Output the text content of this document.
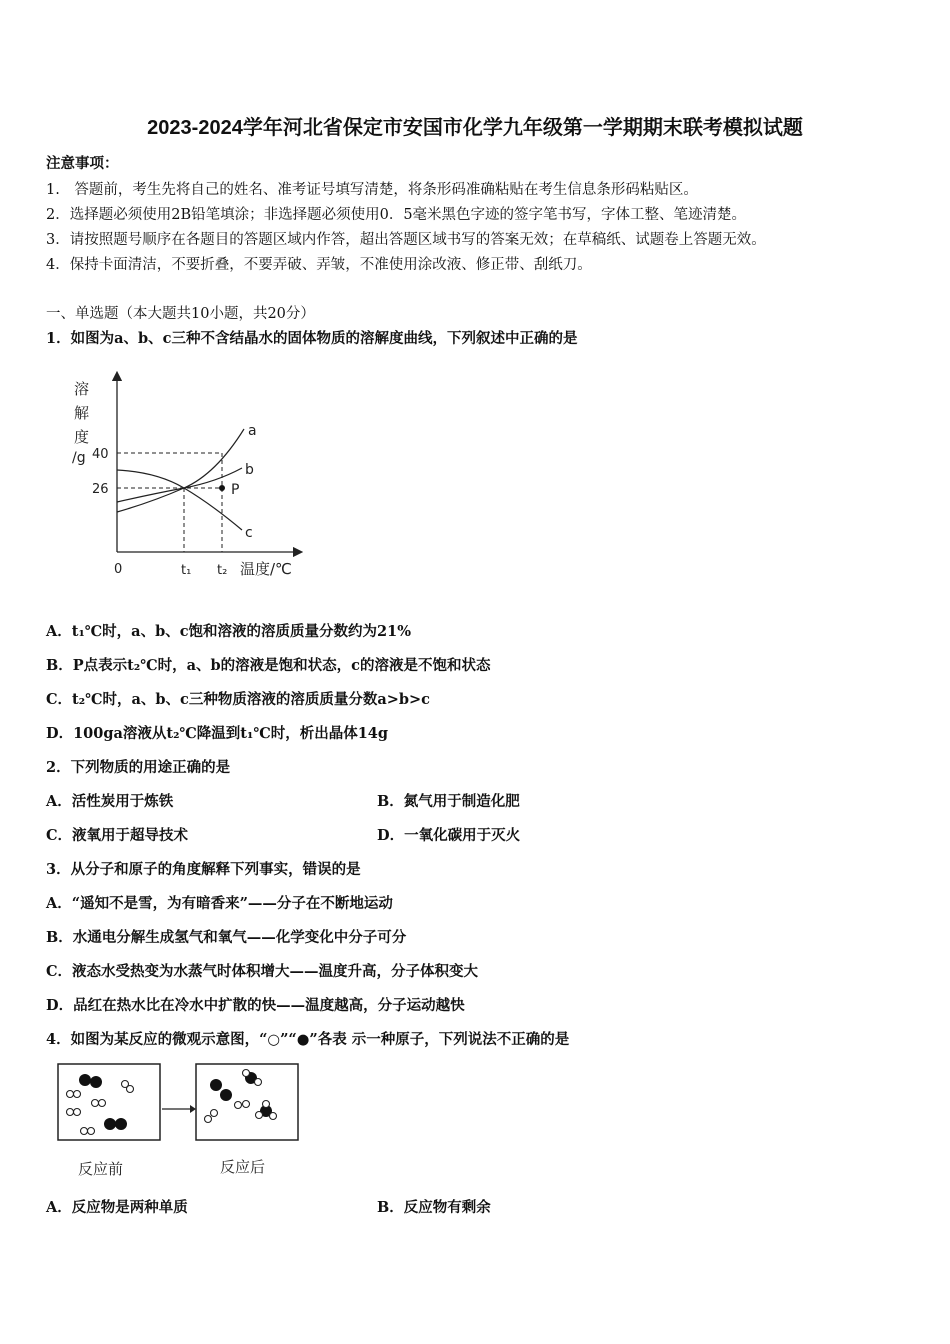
2023-2024学年河北省保定市安国市化学九年级第一学期期末联考模拟试题
注意事项：
1.　答题前，考生先将自己的姓名、准考证号填写清楚，将条形码准确粘贴在考生信息条形码粘贴区。
2．选择题必须使用2B铅笔填涂；非选择题必须使用0．5毫米黑色字迹的签字笔书写，字体工整、笔迹清楚。
3．请按照题号顺序在各题目的答题区域内作答，超出答题区域书写的答案无效；在草稿纸、试题卷上答题无效。
4．保持卡面清洁，不要折叠，不要弄破、弄皱，不准使用涂改液、修正带、刮纸刀。
一、单选题（本大题共10小题，共20分）
1．如图为a、b、c三种不含结晶水的固体物质的溶解度曲线，下列叙述中正确的是
溶
解
度
/g 40
26
0	t₁ t₂ 温度/℃
a
b
c
P
A．t₁℃时，a、b、c饱和溶液的溶质质量分数约为21%
B．P点表示t₂℃时，a、b的溶液是饱和状态，c的溶液是不饱和状态
C．t₂℃时，a、b、c三种物质溶液的溶质质量分数a>b>c
D．100ga溶液从t₂℃降温到t₁℃时，析出晶体14g
2．下列物质的用途正确的是
A．活性炭用于炼铁	B．氮气用于制造化肥
C．液氧用于超导技术	D．一氧化碳用于灭火
3．从分子和原子的角度解释下列事实，错误的是
A．“遥知不是雪，为有暗香来”——分子在不断地运动
B．水通电分解生成氢气和氧气——化学变化中分子可分
C．液态水受热变为水蒸气时体积增大——温度升高，分子体积变大
D．品红在热水比在冷水中扩散的快——温度越高，分子运动越快
4．如图为某反应的微观示意图，“○”“●”各表 示一种原子，下列说法不正确的是
反应前	反应后
A．反应物是两种单质	B．反应物有剩余
